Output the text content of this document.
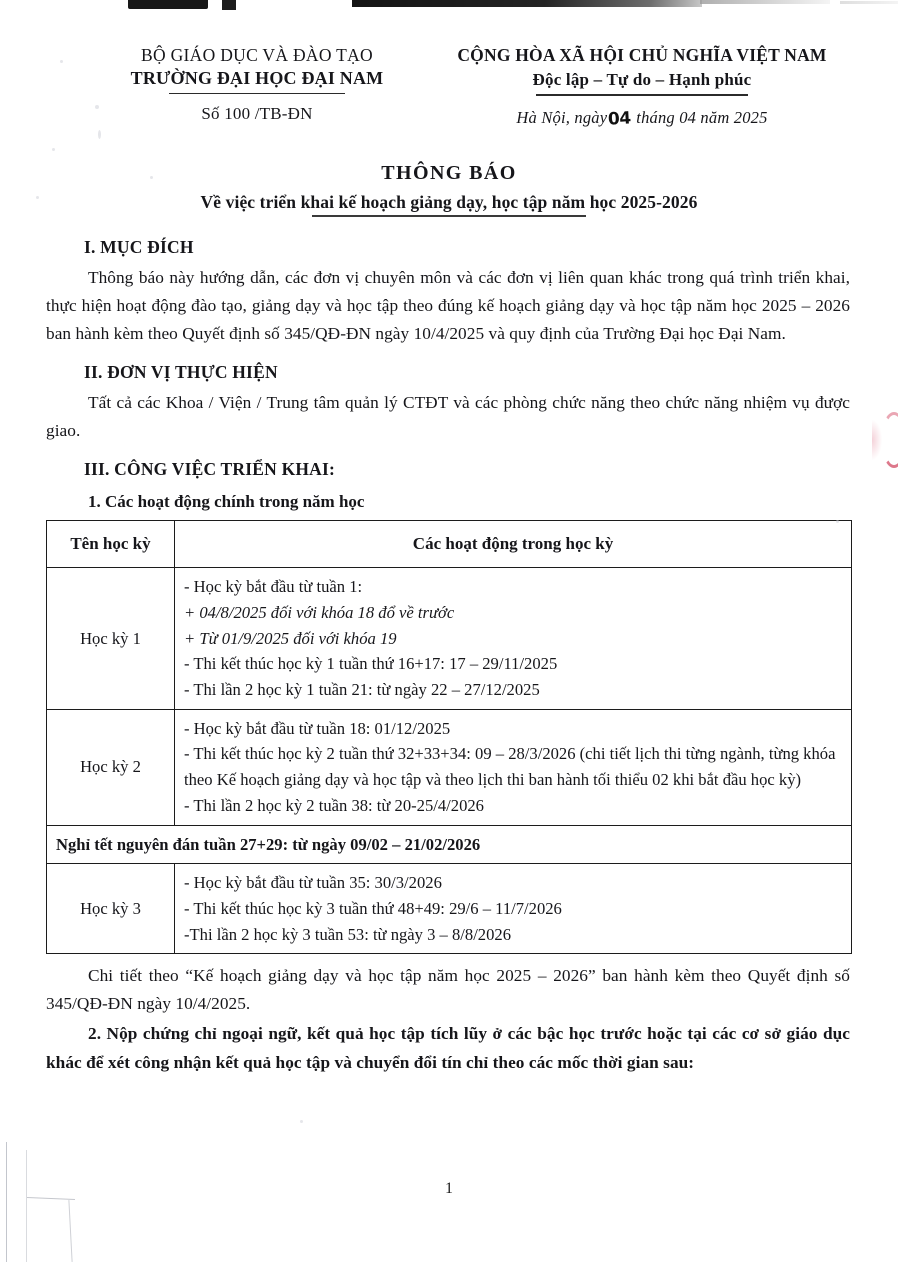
BỘ GIÁO DỤC VÀ ĐÀO TẠO
TRƯỜNG ĐẠI HỌC ĐẠI NAM
Số 100 /TB-ĐN
CỘNG HÒA XÃ HỘI CHỦ NGHĨA VIỆT NAM
Độc lập – Tự do – Hạnh phúc
Hà Nội, ngày04 tháng 04 năm 2025
THÔNG BÁO
Về việc triển khai kế hoạch giảng dạy, học tập năm học 2025-2026
I. MỤC ĐÍCH

Thông báo này hướng dẫn, các đơn vị chuyên môn và các đơn vị liên quan khác trong quá trình triển khai, thực hiện hoạt động đào tạo, giảng dạy và học tập theo đúng kế hoạch giảng dạy và học tập năm học 2025 – 2026 ban hành kèm theo Quyết định số 345/QĐ-ĐN ngày 10/4/2025 và quy định của Trường Đại học Đại Nam.

II. ĐƠN VỊ THỰC HIỆN

Tất cả các Khoa / Viện / Trung tâm quản lý CTĐT và các phòng chức năng theo chức năng nhiệm vụ được giao.

III. CÔNG VIỆC TRIỂN KHAI:
1. Các hoạt động chính trong năm học
Tên học kỳ	Các hoạt động trong học kỳ
Học kỳ 1	- Học kỳ bắt đầu từ tuần 1:
+ 04/8/2025 đối với khóa 18 đổ về trước
+ Từ 01/9/2025 đối với khóa 19
- Thi kết thúc học kỳ 1 tuần thứ 16+17: 17 – 29/11/2025
- Thi lần 2 học kỳ 1 tuần 21: từ ngày 22 – 27/12/2025

Học kỳ 2	- Học kỳ bắt đầu từ tuần 18: 01/12/2025
- Thi kết thúc học kỳ 2 tuần thứ 32+33+34: 09 – 28/3/2026 (chi tiết lịch thi từng ngành, từng khóa theo Kế hoạch giảng dạy và học tập và theo lịch thi ban hành tối thiểu 02 khi bắt đầu học kỳ)
- Thi lần 2 học kỳ 2 tuần 38: từ 20-25/4/2026

Nghỉ tết nguyên đán tuần 27+29: từ ngày 09/02 – 21/02/2026	
Học kỳ 3	- Học kỳ bắt đầu từ tuần 35: 30/3/2026
- Thi kết thúc học kỳ 3 tuần thứ 48+49: 29/6 – 11/7/2026
-Thi lần 2 học kỳ 3 tuần 53: từ ngày 3 – 8/8/2026

Chi tiết theo “Kế hoạch giảng dạy và học tập năm học 2025 – 2026” ban hành kèm theo Quyết định số 345/QĐ-ĐN ngày 10/4/2025.

2. Nộp chứng chỉ ngoại ngữ, kết quả học tập tích lũy ở các bậc học trước hoặc tại các cơ sở giáo dục khác để xét công nhận kết quả học tập và chuyển đổi tín chỉ theo các mốc thời gian sau:

1
